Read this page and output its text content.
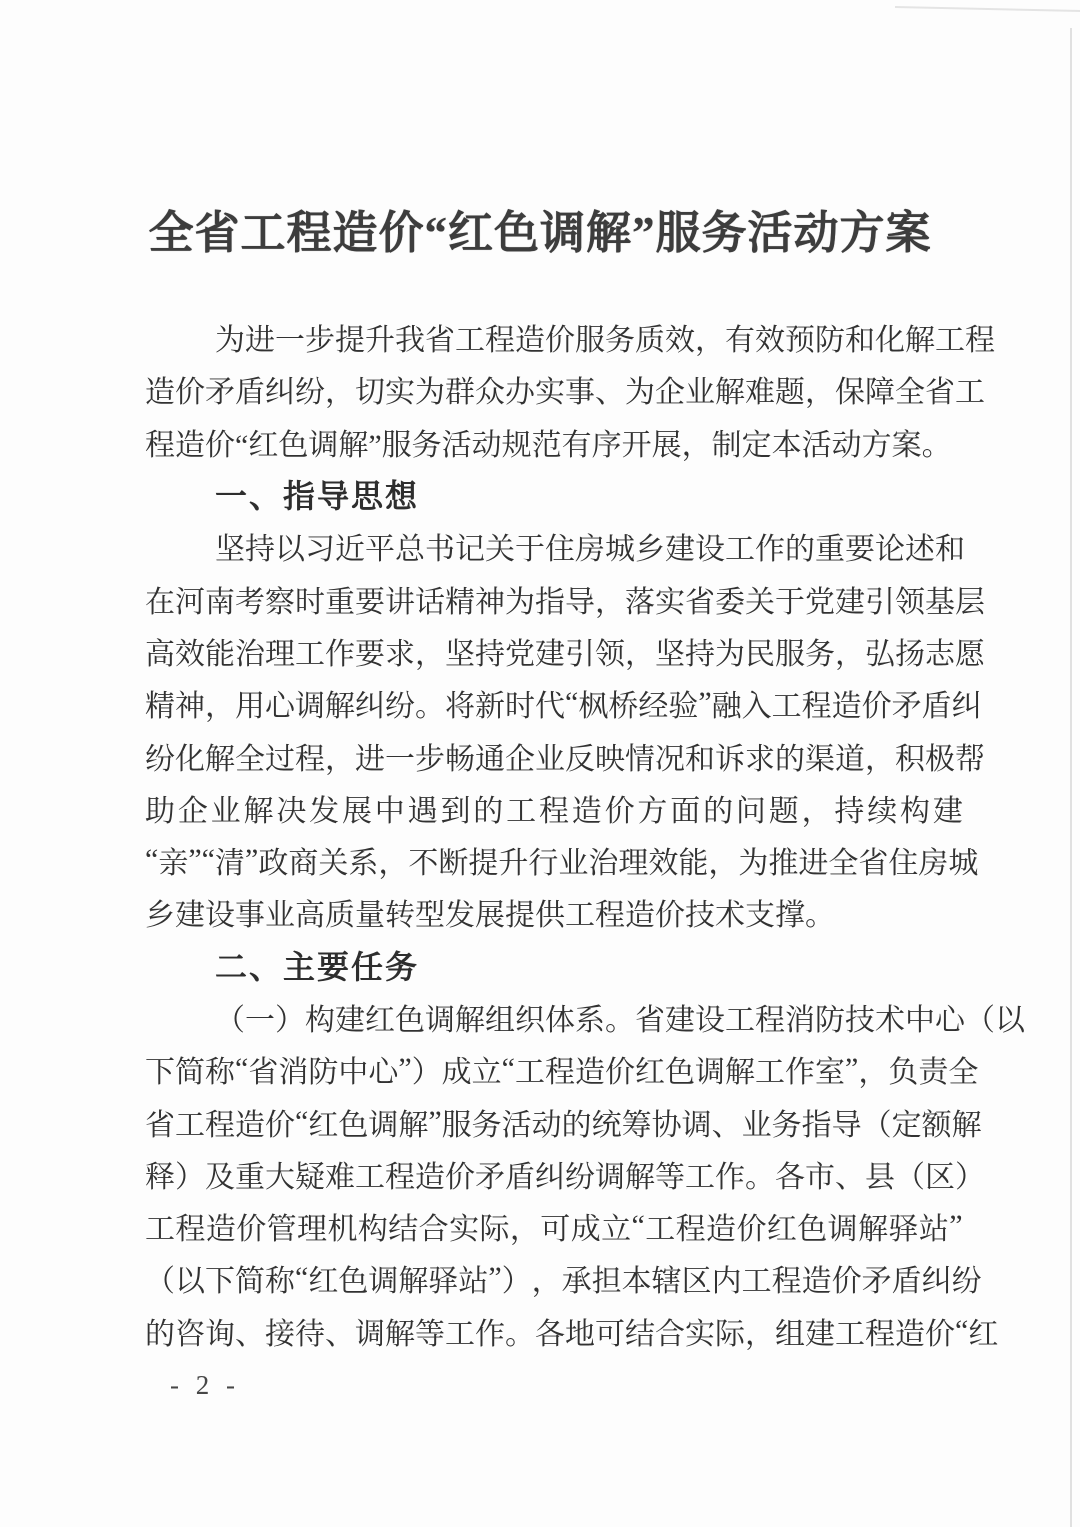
全省工程造价“红色调解”服务活动方案
为 进 一 步 提 升 我 省 工 程 造 价 服 务 质 效 ， 有 效 预 防 和 化 解 工 程
造 价 矛 盾 纠 纷 ， 切 实 为 群 众 办 实 事 、 为 企 业 解 难 题 ， 保 障 全 省 工
程造价“红色调解”服务活动规范有序开展，制定本活动方案。
一、指导思想
坚 持 以 习 近 平 总 书 记 关 于 住 房 城 乡 建 设 工 作 的 重 要 论 述 和
在 河 南 考 察 时 重 要 讲 话 精 神 为 指 导 ， 落 实 省 委 关 于 党 建 引 领 基 层
高 效 能 治 理 工 作 要 求 ， 坚 持 党 建 引 领 ， 坚 持 为 民 服 务 ， 弘 扬 志 愿
精 神 ， 用 心 调 解 纠 纷 。 将 新 时 代 “ 枫 桥 经 验 ” 融 入 工 程 造 价 矛 盾 纠
纷 化 解 全 过 程 ， 进 一 步 畅 通 企 业 反 映 情 况 和 诉 求 的 渠 道 ， 积 极 帮
助 企 业 解 决 发 展 中 遇 到 的 工 程 造 价 方 面 的 问 题 ， 持 续 构 建
“ 亲 ” “ 清 ” 政 商 关 系 ， 不 断 提 升 行 业 治 理 效 能 ， 为 推 进 全 省 住 房 城
乡建设事业高质量转型发展提供工程造价技术支撑。
二、主要任务
（ 一 ） 构 建 红 色 调 解 组 织 体 系 。 省 建 设 工 程 消 防 技 术 中 心 （ 以
下 简 称 “ 省 消 防 中 心 ” ） 成 立 “ 工 程 造 价 红 色 调 解 工 作 室 ” ， 负 责 全
省 工 程 造 价 “ 红 色 调 解 ” 服 务 活 动 的 统 筹 协 调 、 业 务 指 导 （ 定 额 解
释 ） 及 重 大 疑 难 工 程 造 价 矛 盾 纠 纷 调 解 等 工 作 。 各 市 、 县 （ 区 ）
工 程 造 价 管 理 机 构 结 合 实 际 ， 可 成 立 “ 工 程 造 价 红 色 调 解 驿 站 ”
（ 以 下 简 称 “ 红 色 调 解 驿 站 ” ） ， 承 担 本 辖 区 内 工 程 造 价 矛 盾 纠 纷
的 咨 询 、 接 待 、 调 解 等 工 作 。 各 地 可 结 合 实 际 ， 组 建 工 程 造 价 “ 红
- 2 -
